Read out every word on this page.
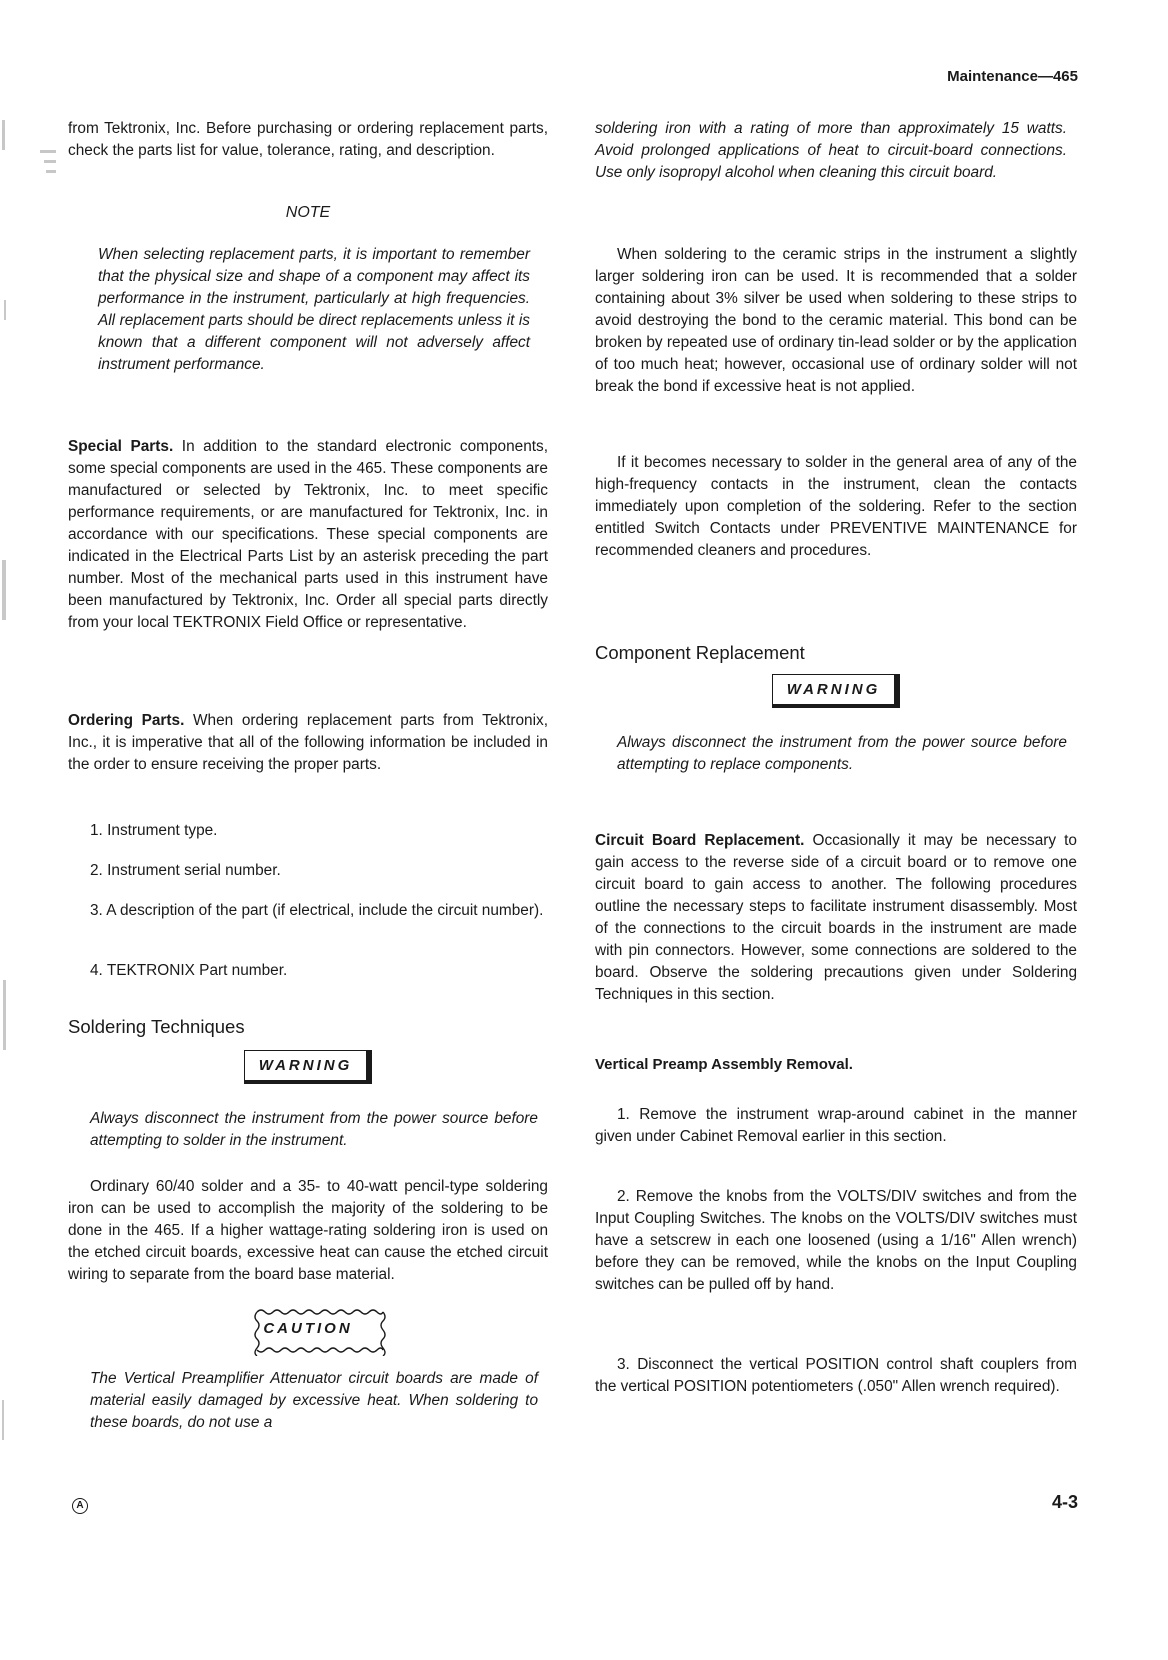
Maintenance—465

from Tektronix, Inc. Before purchasing or ordering replacement parts, check the parts list for value, tolerance, rating, and description.

NOTE

When selecting replacement parts, it is important to remember that the physical size and shape of a component may affect its performance in the instrument, particularly at high frequencies. All replacement parts should be direct replacements unless it is known that a different component will not adversely affect instrument performance.

Special Parts. In addition to the standard electronic components, some special components are used in the 465. These components are manufactured or selected by Tektronix, Inc. to meet specific performance requirements, or are manufactured for Tektronix, Inc. in accordance with our specifications. These special components are indicated in the Electrical Parts List by an asterisk preceding the part number. Most of the mechanical parts used in this instrument have been manufactured by Tektronix, Inc. Order all special parts directly from your local TEKTRONIX Field Office or representative.

Ordering Parts. When ordering replacement parts from Tektronix, Inc., it is imperative that all of the following information be included in the order to ensure receiving the proper parts.

1. Instrument type.

2. Instrument serial number.

3. A description of the part (if electrical, include the circuit number).

4. TEKTRONIX Part number.

Soldering Techniques
WARNING

Always disconnect the instrument from the power source before attempting to solder in the instrument.

Ordinary 60/40 solder and a 35- to 40-watt pencil-type soldering iron can be used to accomplish the majority of the soldering to be done in the 465. If a higher wattage-rating soldering iron is used on the etched circuit boards, excessive heat can cause the etched circuit wiring to separate from the board base material.

CAUTION

The Vertical Preamplifier Attenuator circuit boards are made of material easily damaged by excessive heat. When soldering to these boards, do not use a

soldering iron with a rating of more than approximately 15 watts. Avoid prolonged applications of heat to circuit-board connections. Use only isopropyl alcohol when cleaning this circuit board.

When soldering to the ceramic strips in the instrument a slightly larger soldering iron can be used. It is recommended that a solder containing about 3% silver be used when soldering to these strips to avoid destroying the bond to the ceramic material. This bond can be broken by repeated use of ordinary tin-lead solder or by the application of too much heat; however, occasional use of ordinary solder will not break the bond if excessive heat is not applied.

If it becomes necessary to solder in the general area of any of the high-frequency contacts in the instrument, clean the contacts immediately upon completion of the soldering. Refer to the section entitled Switch Contacts under PREVENTIVE MAINTENANCE for recommended cleaners and procedures.

Component Replacement
WARNING

Always disconnect the instrument from the power source before attempting to replace components.

Circuit Board Replacement. Occasionally it may be necessary to gain access to the reverse side of a circuit board or to remove one circuit board to gain access to another. The following procedures outline the necessary steps to facilitate instrument disassembly. Most of the connections to the circuit boards in the instrument are made with pin connectors. However, some connections are soldered to the board. Observe the soldering precautions given under Soldering Techniques in this section.

Vertical Preamp Assembly Removal.

1. Remove the instrument wrap-around cabinet in the manner given under Cabinet Removal earlier in this section.

2. Remove the knobs from the VOLTS/DIV switches and from the Input Coupling Switches. The knobs on the VOLTS/DIV switches must have a setscrew in each one loosened (using a 1/16" Allen wrench) before they can be removed, while the knobs on the Input Coupling switches can be pulled off by hand.

3. Disconnect the vertical POSITION control shaft couplers from the vertical POSITION potentiometers (.050" Allen wrench required).

A	4-3
